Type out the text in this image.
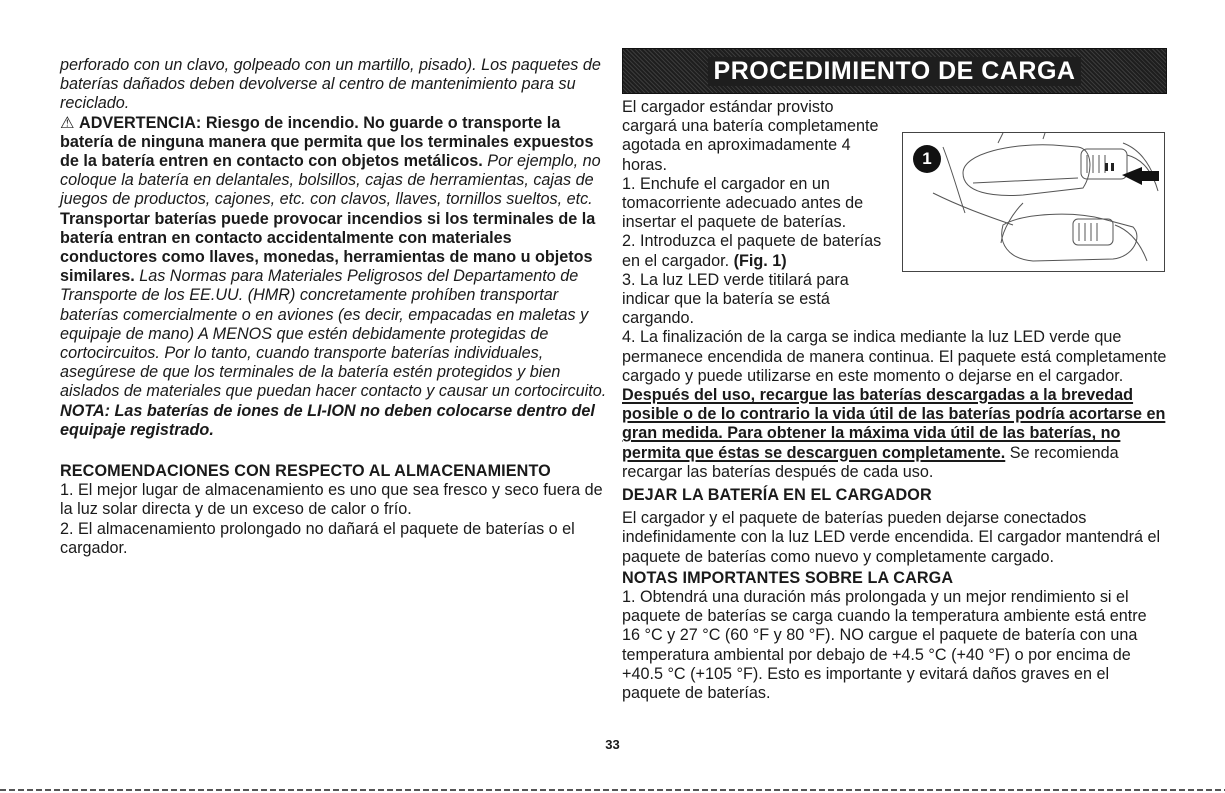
perforado con un clavo, golpeado con un martillo, pisado). Los paquetes de baterías dañados deben devolverse al centro de mantenimiento para su reciclado.

⚠ ADVERTENCIA: Riesgo de incendio. No guarde o transporte la batería de ninguna manera que permita que los terminales expuestos de la batería entren en contacto con objetos metálicos. Por ejemplo, no coloque la batería en delantales, bolsillos, cajas de herramientas, cajas de juegos de productos, cajones, etc. con clavos, llaves, tornillos sueltos, etc.

Transportar baterías puede provocar incendios si los terminales de la batería entran en contacto accidentalmente con materiales conductores como llaves, monedas, herramientas de mano u objetos similares. Las Normas para Materiales Peligrosos del Departamento de Transporte de los EE.UU. (HMR) concretamente prohíben transportar baterías comercialmente o en aviones (es decir, empacadas en maletas y equipaje de mano) A MENOS que estén debidamente protegidas de cortocircuitos. Por lo tanto, cuando transporte baterías individuales, asegúrese de que los terminales de la batería estén protegidos y bien aislados de materiales que puedan hacer contacto y causar un cortocircuito. NOTA: Las baterías de iones de LI-ION no deben colocarse dentro del equipaje registrado.

RECOMENDACIONES CON RESPECTO AL ALMACENAMIENTO

1. El mejor lugar de almacenamiento es uno que sea fresco y seco fuera de la luz solar directa y de un exceso de calor o frío.

2. El almacenamiento prolongado no dañará el paquete de baterías o el cargador.

PROCEDIMIENTO DE CARGA

El cargador estándar provisto cargará una batería completamente agotada en aproximadamente 4 horas.

1. Enchufe el cargador en un tomacorriente adecuado antes de insertar el paquete de baterías.

2. Introduzca el paquete de baterías en el cargador. (Fig. 1)

3. La luz LED verde titilará para indicar que la batería se está cargando.

4. La finalización de la carga se indica mediante la luz LED verde que permanece encendida de manera continua. El paquete está completamente cargado y puede utilizarse en este momento o dejarse en el cargador.

Después del uso, recargue las baterías descargadas a la brevedad posible o de lo contrario la vida útil de las baterías podría acortarse en gran medida. Para obtener la máxima vida útil de las baterías, no permita que éstas se descarguen completamente. Se recomienda recargar las baterías después de cada uso.

DEJAR LA BATERÍA EN EL CARGADOR

El cargador y el paquete de baterías pueden dejarse conectados indefinidamente con la luz LED verde encendida. El cargador mantendrá el paquete de baterías como nuevo y completamente cargado.

NOTAS IMPORTANTES SOBRE LA CARGA

1. Obtendrá una duración más prolongada y un mejor rendimiento si el paquete de baterías se carga cuando la temperatura ambiente está entre 16 °C y 27 °C (60 °F y 80 °F). NO cargue el paquete de batería con una temperatura ambiental por debajo de +4.5 °C (+40 °F) o por encima de +40.5 °C (+105 °F). Esto es importante y evitará daños graves en el paquete de baterías.

1
33
